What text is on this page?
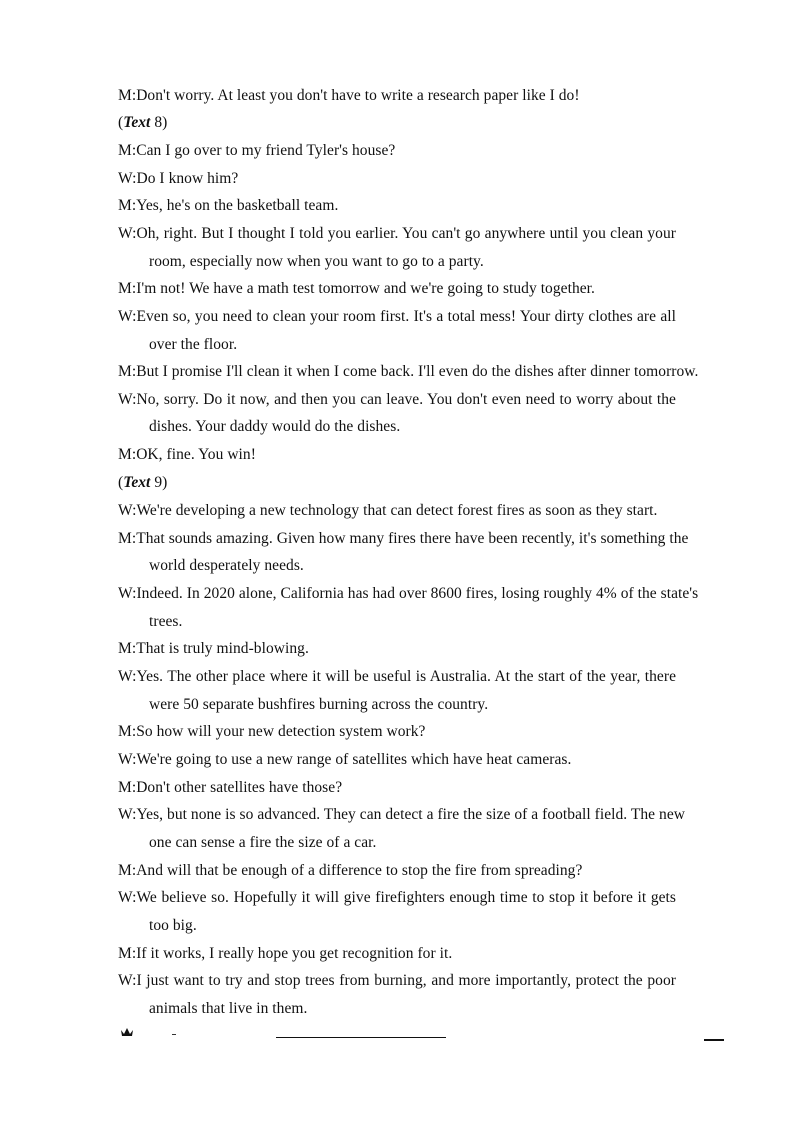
M:Don't worry. At least you don't have to write a research paper like I do!
(Text 8)
M:Can I go over to my friend Tyler's house?
W:Do I know him?
M:Yes, he's on the basketball team.
W:Oh, right. But I thought I told you earlier. You can't go anywhere until you clean your
room, especially now when you want to go to a party.
M:I'm not! We have a math test tomorrow and we're going to study together.
W:Even so, you need to clean your room first. It's a total mess! Your dirty clothes are all
over the floor.
M:But I promise I'll clean it when I come back. I'll even do the dishes after dinner tomorrow.
W:No, sorry. Do it now, and then you can leave. You don't even need to worry about the
dishes. Your daddy would do the dishes.
M:OK, fine. You win!
(Text 9)
W:We're developing a new technology that can detect forest fires as soon as they start.
M:That sounds amazing. Given how many fires there have been recently, it's something the
world desperately needs.
W:Indeed. In 2020 alone, California has had over 8600 fires, losing roughly 4% of the state's
trees.
M:That is truly mind-blowing.
W:Yes. The other place where it will be useful is Australia. At the start of the year, there
were 50 separate bushfires burning across the country.
M:So how will your new detection system work?
W:We're going to use a new range of satellites which have heat cameras.
M:Don't other satellites have those?
W:Yes, but none is so advanced. They can detect a fire the size of a football field. The new
one can sense a fire the size of a car.
M:And will that be enough of a difference to stop the fire from spreading?
W:We believe so. Hopefully it will give firefighters enough time to stop it before it gets
too big.
M:If it works, I really hope you get recognition for it.
W:I just want to try and stop trees from burning, and more importantly, protect the poor
animals that live in them.
